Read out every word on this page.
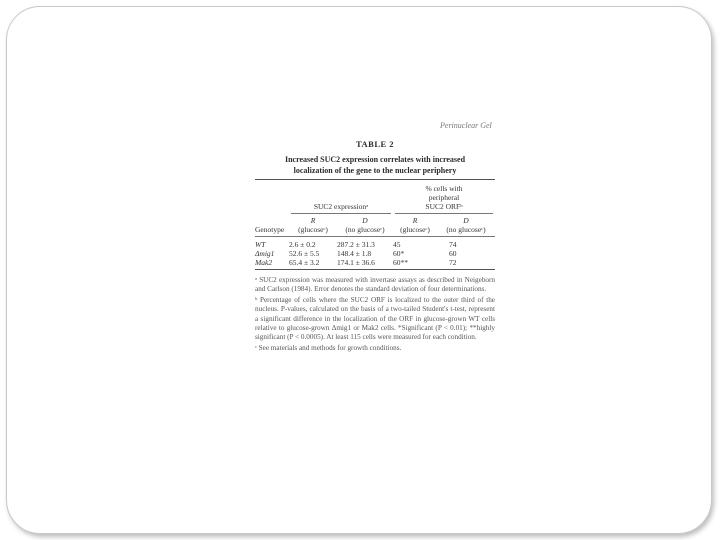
Perinuclear Gel
TABLE 2
Increased SUC2 expression correlates with increased
localization of the gene to the nuclear periphery
	SUC2 expressionᵃ		% cells with
peripheral
SUC2 ORFᵇ	

	R	D	R	D
Genotype	(glucoseᶜ)	(no glucoseᶜ)	(glucoseᶜ)	(no glucoseᶜ)

WT	2.6 ± 0.2	287.2 ± 31.3	45	74
Δmig1	52.6 ± 5.5	148.4 ± 1.8	60*	60
Mak2	65.4 ± 3.2	174.1 ± 36.6	60**	72

ᵃ SUC2 expression was measured with invertase assays as described in Neigeborn and Carlson (1984). Error denotes the standard deviation of four determinations.

ᵇ Percentage of cells where the SUC2 ORF is localized to the outer third of the nucleus. P-values, calculated on the basis of a two-tailed Student's t-test, represent a significant difference in the localization of the ORF in glucose-grown WT cells relative to glucose-grown Δmig1 or Mak2 cells. *Significant (P < 0.01); **highly significant (P < 0.0005). At least 115 cells were measured for each condition.

ᶜ See materials and methods for growth conditions.
